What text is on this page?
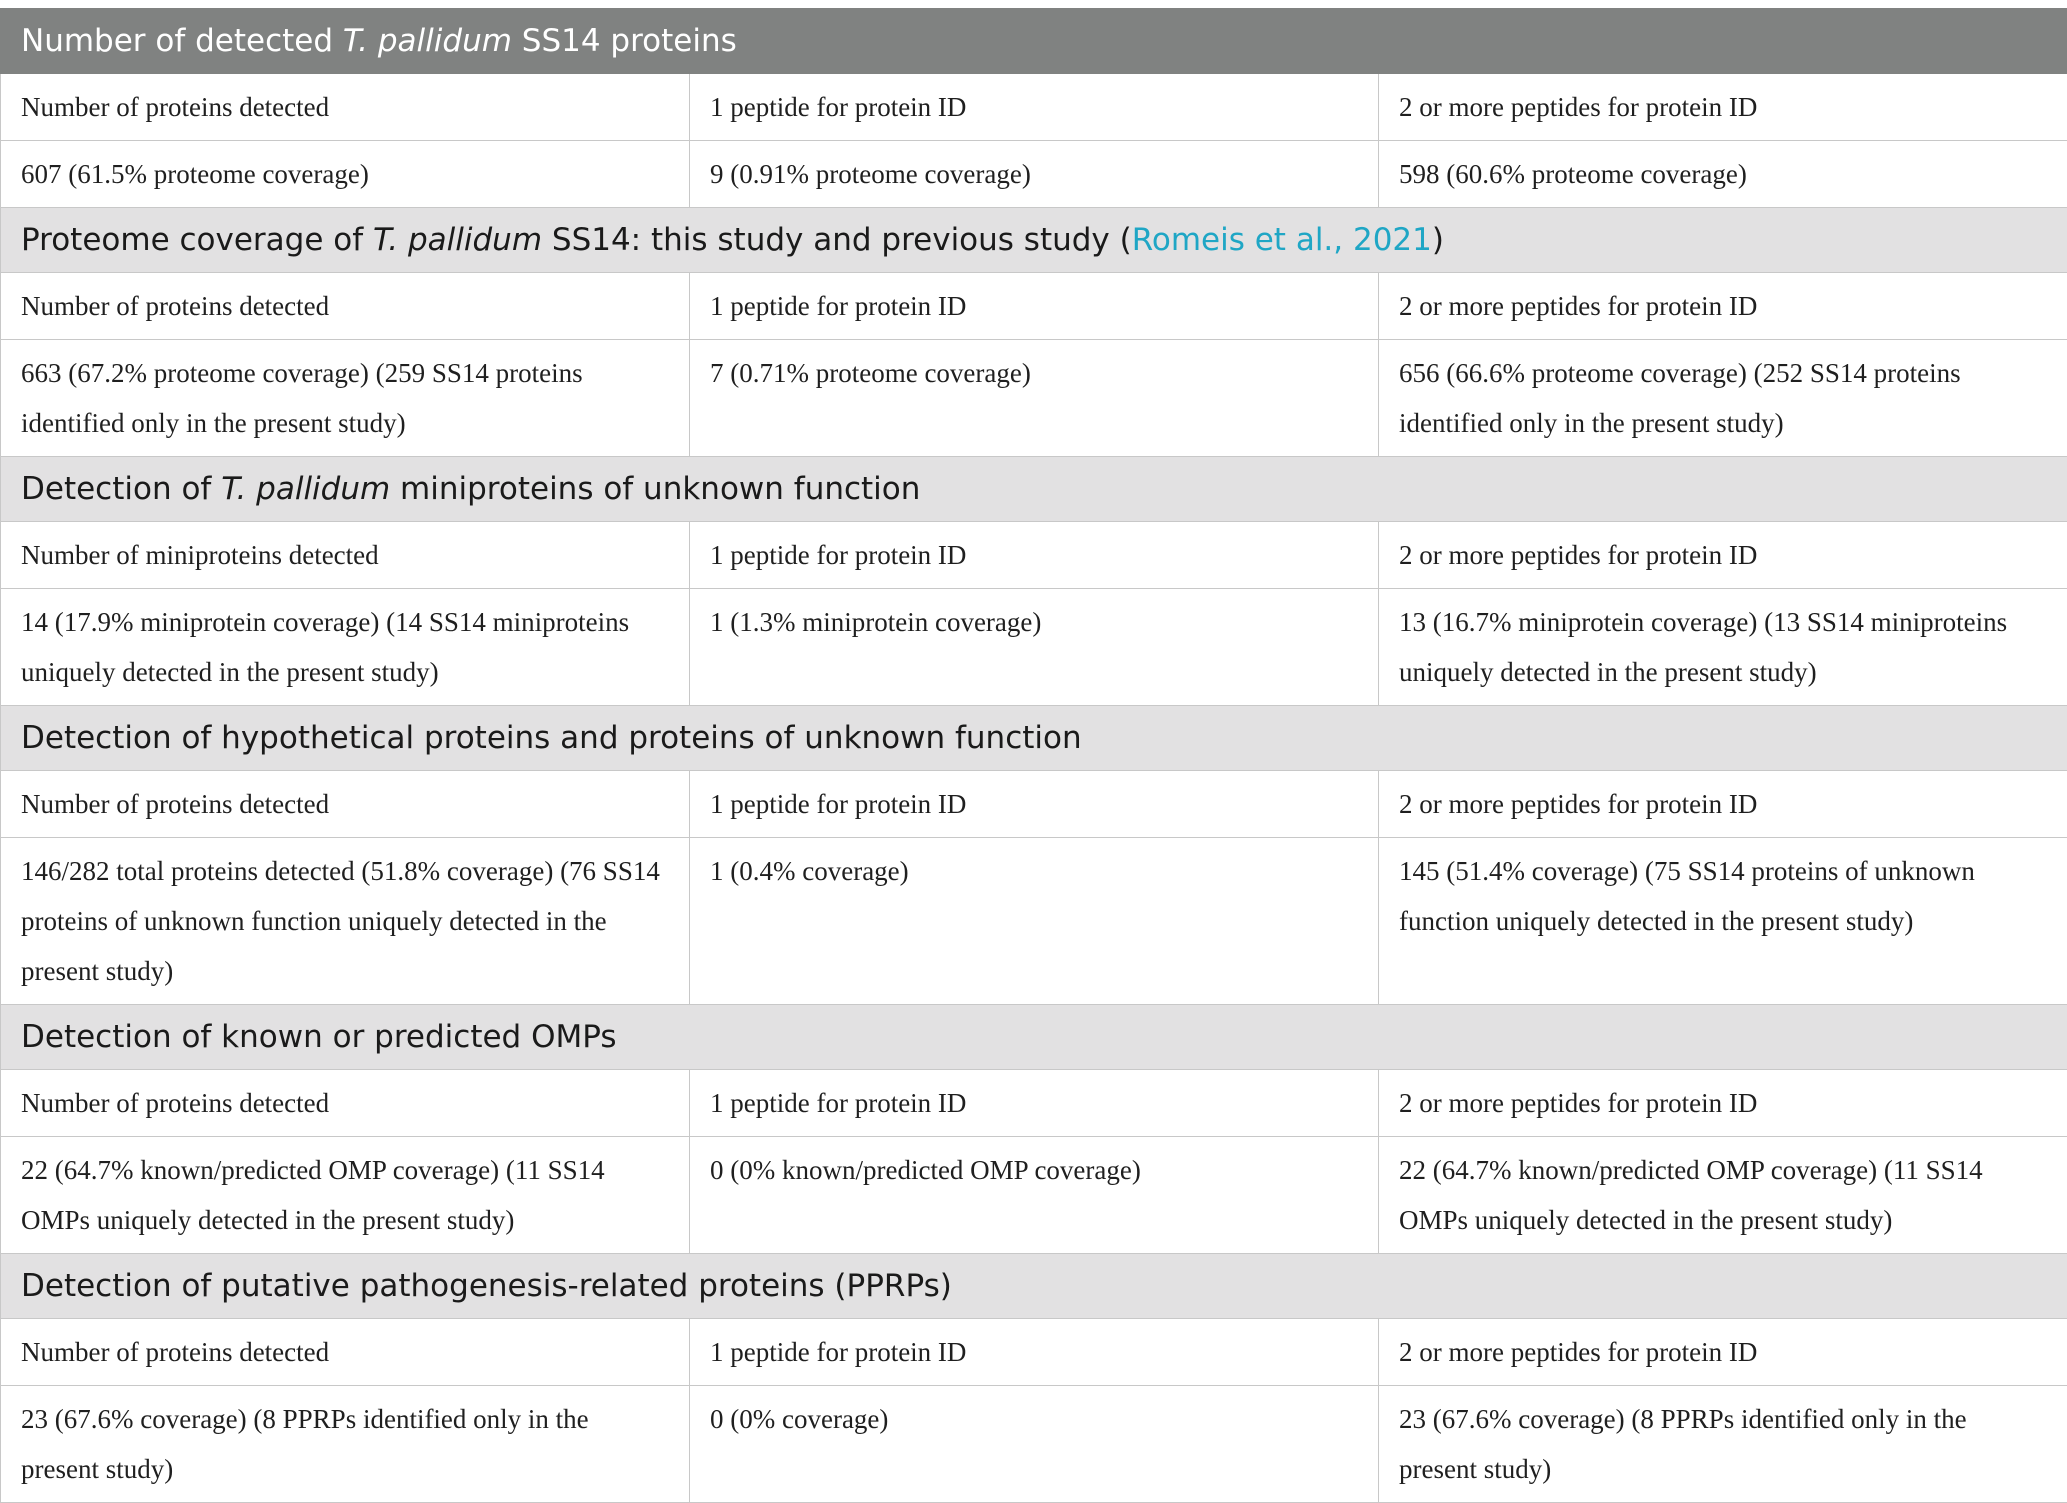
Number of detected T. pallidum SS14 proteins		
Number of proteins detected	1 peptide for protein ID	2 or more peptides for protein ID
607 (61.5% proteome coverage)	9 (0.91% proteome coverage)	598 (60.6% proteome coverage)
Proteome coverage of T. pallidum SS14: this study and previous study (Romeis et al., 2021)		
Number of proteins detected	1 peptide for protein ID	2 or more peptides for protein ID
663 (67.2% proteome coverage) (259 SS14 proteins identified only in the present study)	7 (0.71% proteome coverage)	656 (66.6% proteome coverage) (252 SS14 proteins identified only in the present study)
Detection of T. pallidum miniproteins of unknown function		
Number of miniproteins detected	1 peptide for protein ID	2 or more peptides for protein ID
14 (17.9% miniprotein coverage) (14 SS14 miniproteins uniquely detected in the present study)	1 (1.3% miniprotein coverage)	13 (16.7% miniprotein coverage) (13 SS14 miniproteins uniquely detected in the present study)
Detection of hypothetical proteins and proteins of unknown function		
Number of proteins detected	1 peptide for protein ID	2 or more peptides for protein ID
146/282 total proteins detected (51.8% coverage) (76 SS14 proteins of unknown function uniquely detected in the present study)	1 (0.4% coverage)	145 (51.4% coverage) (75 SS14 proteins of unknown function uniquely detected in the present study)
Detection of known or predicted OMPs		
Number of proteins detected	1 peptide for protein ID	2 or more peptides for protein ID
22 (64.7% known/predicted OMP coverage) (11 SS14 OMPs uniquely detected in the present study)	0 (0% known/predicted OMP coverage)	22 (64.7% known/predicted OMP coverage) (11 SS14 OMPs uniquely detected in the present study)
Detection of putative pathogenesis-related proteins (PPRPs)		
Number of proteins detected	1 peptide for protein ID	2 or more peptides for protein ID
23 (67.6% coverage) (8 PPRPs identified only in the present study)	0 (0% coverage)	23 (67.6% coverage) (8 PPRPs identified only in the present study)
